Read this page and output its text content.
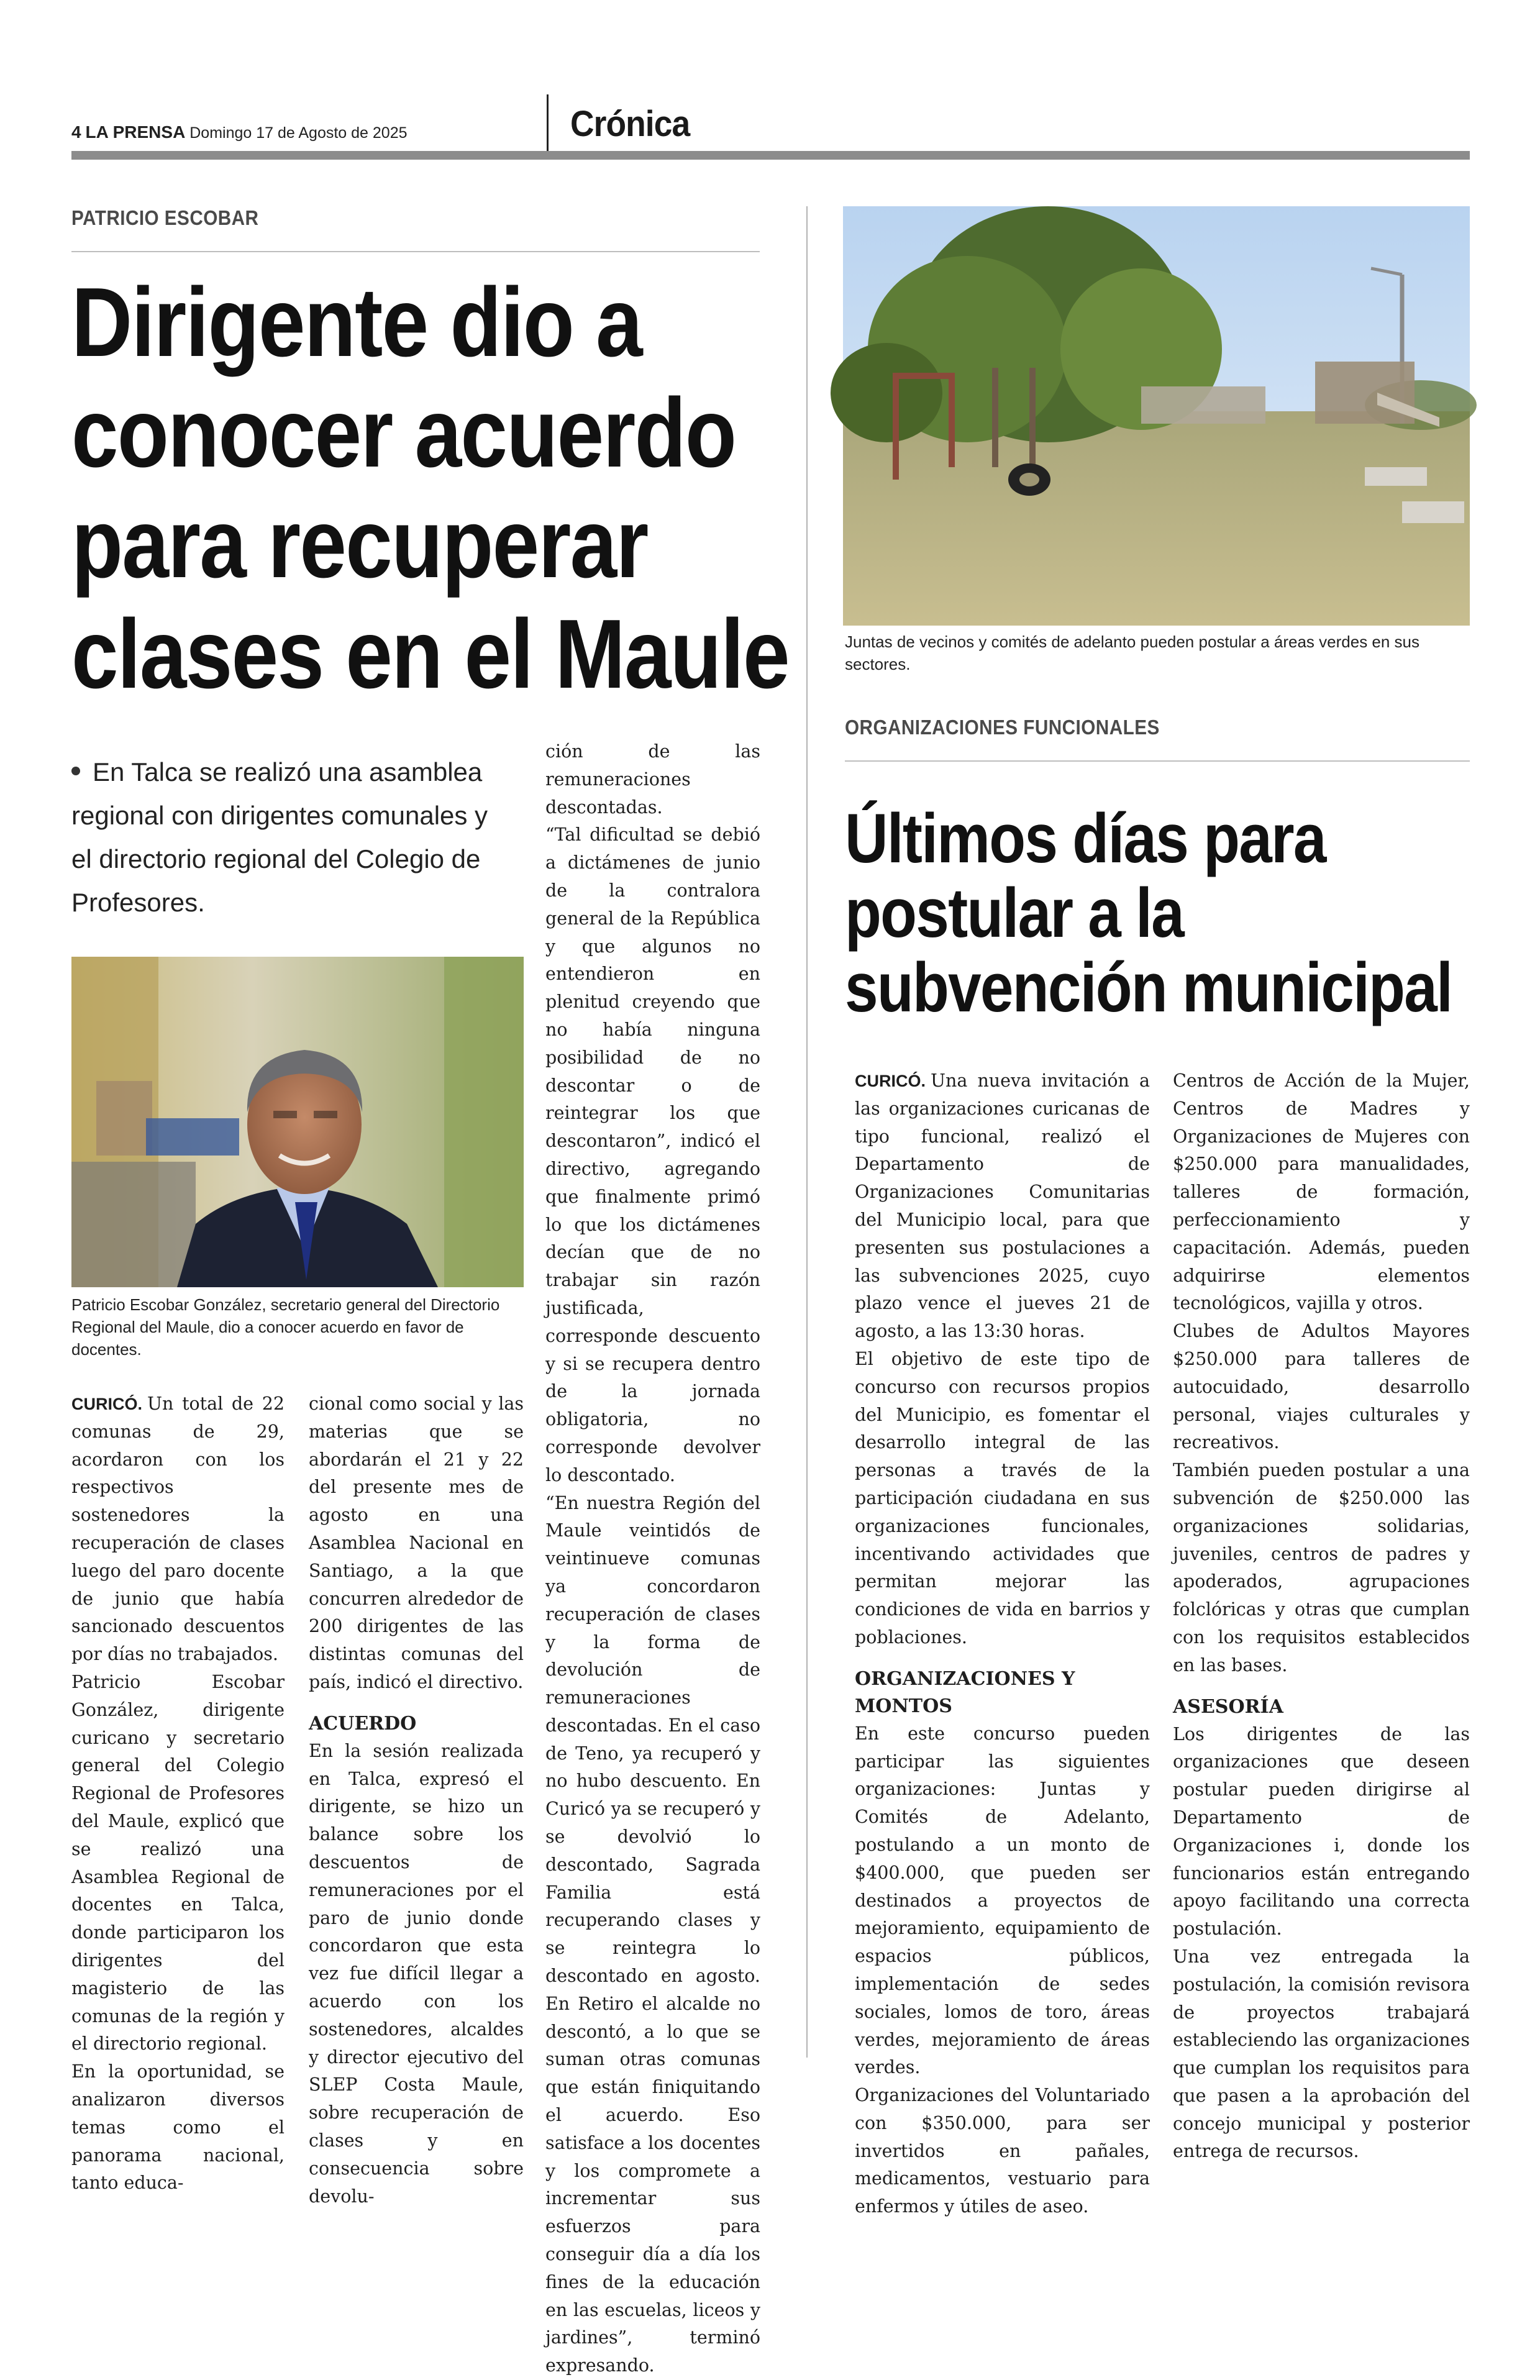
4 LA PRENSA Domingo 17 de Agosto de 2025	Crónica
PATRICIO ESCOBAR
Dirigente dio a
conocer acuerdo
para recuperar
clases en el Maule
En Talca se realizó una asamblea regional con dirigentes comunales y el directorio regional del Colegio de Profesores.
Patricio Escobar González, secretario general del Directorio Regional del Maule, dio a conocer acuerdo en favor de docentes.

CURICÓ. Un total de 22 comunas de 29, acordaron con los respectivos sostenedores la recuperación de clases luego del paro docente de junio que había sancionado descuentos por días no trabajados.

Patricio Escobar González, dirigente curicano y secretario general del Colegio Regional de Profesores del Maule, explicó que se realizó una Asamblea Regional de docentes en Talca, donde participaron los dirigentes del magisterio de las comunas de la región y el directorio regional.

En la oportunidad, se analizaron diversos temas como el panorama nacional, tanto educa-

cional como social y las materias que se abordarán el 21 y 22 del presente mes de agosto en una Asamblea Nacional en Santiago, a la que concurren alrededor de 200 dirigentes de las distintas comunas del país, indicó el directivo.

ACUERDO

En la sesión realizada en Talca, expresó el dirigente, se hizo un balance sobre los descuentos de remuneraciones por el paro de junio donde concordaron que esta vez fue difícil llegar a acuerdo con los sostenedores, alcaldes y director ejecutivo del SLEP Costa Maule, sobre recuperación de clases y en consecuencia sobre devolu-

ción de las remuneraciones descontadas.

“Tal dificultad se debió a dictámenes de junio de la contralora general de la República y que algunos no entendieron en plenitud creyendo que no había ninguna posibilidad de no descontar o de reintegrar los que descontaron”, indicó el directivo, agregando que finalmente primó lo que los dictámenes decían que de no trabajar sin razón justificada, corresponde descuento y si se recupera dentro de la jornada obligatoria, no corresponde devolver lo descontado.

“En nuestra Región del Maule veintidós de veintinueve comunas ya concordaron recuperación de clases y la forma de devolución de remuneraciones descontadas. En el caso de Teno, ya recuperó y no hubo descuento. En Curicó ya se recuperó y se devolvió lo descontado, Sagrada Familia está recuperando clases y se reintegra lo descontado en agosto. En Retiro el alcalde no descontó, a lo que se suman otras comunas que están finiquitando el acuerdo. Eso satisface a los docentes y los compromete a incrementar sus esfuerzos para conseguir día a día los fines de la educación en las escuelas, liceos y jardines”, terminó expresando.

Juntas de vecinos y comités de adelanto pueden postular a áreas verdes en sus sectores.
ORGANIZACIONES FUNCIONALES
Últimos días para
postular a la
subvención municipal

CURICÓ. Una nueva invitación a las organizaciones curicanas de tipo funcional, realizó el Departamento de Organizaciones Comunitarias del Municipio local, para que presenten sus postulaciones a las subvenciones 2025, cuyo plazo vence el jueves 21 de agosto, a las 13:30 horas.

El objetivo de este tipo de concurso con recursos propios del Municipio, es fomentar el desarrollo integral de las personas a través de la participación ciudadana en sus organizaciones funcionales, incentivando actividades que permitan mejorar las condiciones de vida en barrios y poblaciones.

ORGANIZACIONES Y MONTOS

En este concurso pueden participar las siguientes organizaciones: Juntas y Comités de Adelanto, postulando a un monto de $400.000, que pueden ser destinados a proyectos de mejoramiento, equipamiento de espacios públicos, implementación de sedes sociales, lomos de toro, áreas verdes, mejoramiento de áreas verdes.

Organizaciones del Voluntariado con $350.000, para ser invertidos en pañales, medicamentos, vestuario para enfermos y útiles de aseo.

Centros de Acción de la Mujer, Centros de Madres y Organizaciones de Mujeres con $250.000 para manualidades, talleres de formación, perfeccionamiento y capacitación. Además, pueden adquirirse elementos tecnológicos, vajilla y otros.

Clubes de Adultos Mayores $250.000 para talleres de autocuidado, desarrollo personal, viajes culturales y recreativos.

También pueden postular a una subvención de $250.000 las organizaciones solidarias, juveniles, centros de padres y apoderados, agrupaciones folclóricas y otras que cumplan con los requisitos establecidos en las bases.

ASESORÍA

Los dirigentes de las organizaciones que deseen postular pueden dirigirse al Departamento de Organizaciones i, donde los funcionarios están entregando apoyo facilitando una correcta postulación.

Una vez entregada la postulación, la comisión revisora de proyectos trabajará estableciendo las organizaciones que cumplan los requisitos para que pasen a la aprobación del concejo municipal y posterior entrega de recursos.
